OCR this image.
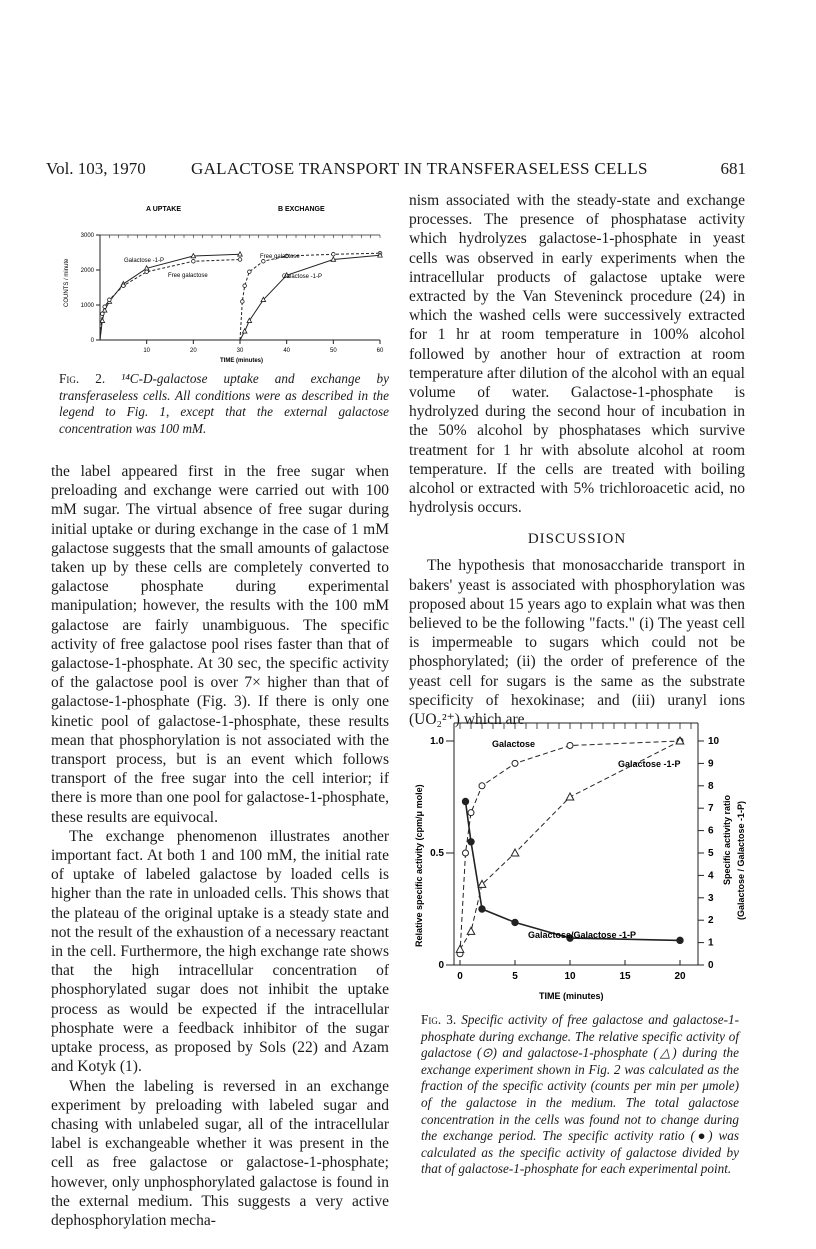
Vol. 103, 1970	GALACTOSE TRANSPORT IN TRANSFERASELESS CELLS	681
A UPTAKE	B EXCHANGE
COUNTS / minute
TIME (minutes)
0
1000
2000
3000
10	20	30	40	50	60
Galactose -1-P
Free galactose
Free galactose
Galactose -1-P

Fig. 2. ¹⁴C-D-galactose uptake and exchange by transferaseless cells. All conditions were as described in the legend to Fig. 1, except that the external galactose concentration was 100 mM.

the label appeared first in the free sugar when preloading and exchange were carried out with 100 mM sugar. The virtual absence of free sugar during initial uptake or during exchange in the case of 1 mM galactose suggests that the small amounts of galactose taken up by these cells are completely converted to galactose phosphate during experimental manipulation; however, the results with the 100 mM galactose are fairly unambiguous. The specific activity of free galactose pool rises faster than that of galactose-1-phosphate. At 30 sec, the specific activity of the galactose pool is over 7× higher than that of galactose-1-phosphate (Fig. 3). If there is only one kinetic pool of galactose-1-phosphate, these results mean that phosphorylation is not associated with the transport process, but is an event which follows transport of the free sugar into the cell interior; if there is more than one pool for galactose-1-phosphate, these results are equivocal.

The exchange phenomenon illustrates another important fact. At both 1 and 100 mM, the initial rate of uptake of labeled galactose by loaded cells is higher than the rate in unloaded cells. This shows that the plateau of the original uptake is a steady state and not the result of the exhaustion of a necessary reactant in the cell. Furthermore, the high exchange rate shows that the high intracellular concentration of phosphorylated sugar does not inhibit the uptake process as would be expected if the intracellular phosphate were a feedback inhibitor of the sugar uptake process, as proposed by Sols (22) and Azam and Kotyk (1).

When the labeling is reversed in an exchange experiment by preloading with labeled sugar and chasing with unlabeled sugar, all of the intracellular label is exchangeable whether it was present in the cell as free galactose or galactose-1-phosphate; however, only unphosphorylated galactose is found in the external medium. This suggests a very active dephosphorylation mecha-

nism associated with the steady-state and exchange processes. The presence of phosphatase activity which hydrolyzes galactose-1-phosphate in yeast cells was observed in early experiments when the intracellular products of galactose uptake were extracted by the Van Steveninck procedure (24) in which the washed cells were successively extracted for 1 hr at room temperature in 100% alcohol followed by another hour of extraction at room temperature after dilution of the alcohol with an equal volume of water. Galactose-1-phosphate is hydrolyzed during the second hour of incubation in the 50% alcohol by phosphatases which survive treatment for 1 hr with absolute alcohol at room temperature. If the cells are treated with boiling alcohol or extracted with 5% trichloroacetic acid, no hydrolysis occurs.

DISCUSSION

The hypothesis that monosaccharide transport in bakers' yeast is associated with phosphorylation was proposed about 15 years ago to explain what was then believed to be the following "facts." (i) The yeast cell is impermeable to sugars which could not be phosphorylated; (ii) the order of preference of the yeast cell for sugars is the same as the substrate specificity of hexokinase; and (iii) uranyl ions (UO₂²⁺) which are

0	5	10	15	20
0
0.5
1.0
0
1
2
3
4
5
6
7
8
9
10
Relative specific activity (cpm/μ mole)	Specific activity ratio (Galactose / Galactose -1-P)
TIME (minutes)
Galactose
Galactose -1-P
Galactose/Galactose -1-P

Fig. 3. Specific activity of free galactose and galactose-1-phosphate during exchange. The relative specific activity of galactose (⊙) and galactose-1-phosphate (△) during the exchange experiment shown in Fig. 2 was calculated as the fraction of the specific activity (counts per min per μmole) of the galactose in the medium. The total galactose concentration in the cells was found not to change during the exchange period. The specific activity ratio (●) was calculated as the specific activity of galactose divided by that of galactose-1-phosphate for each experimental point.
